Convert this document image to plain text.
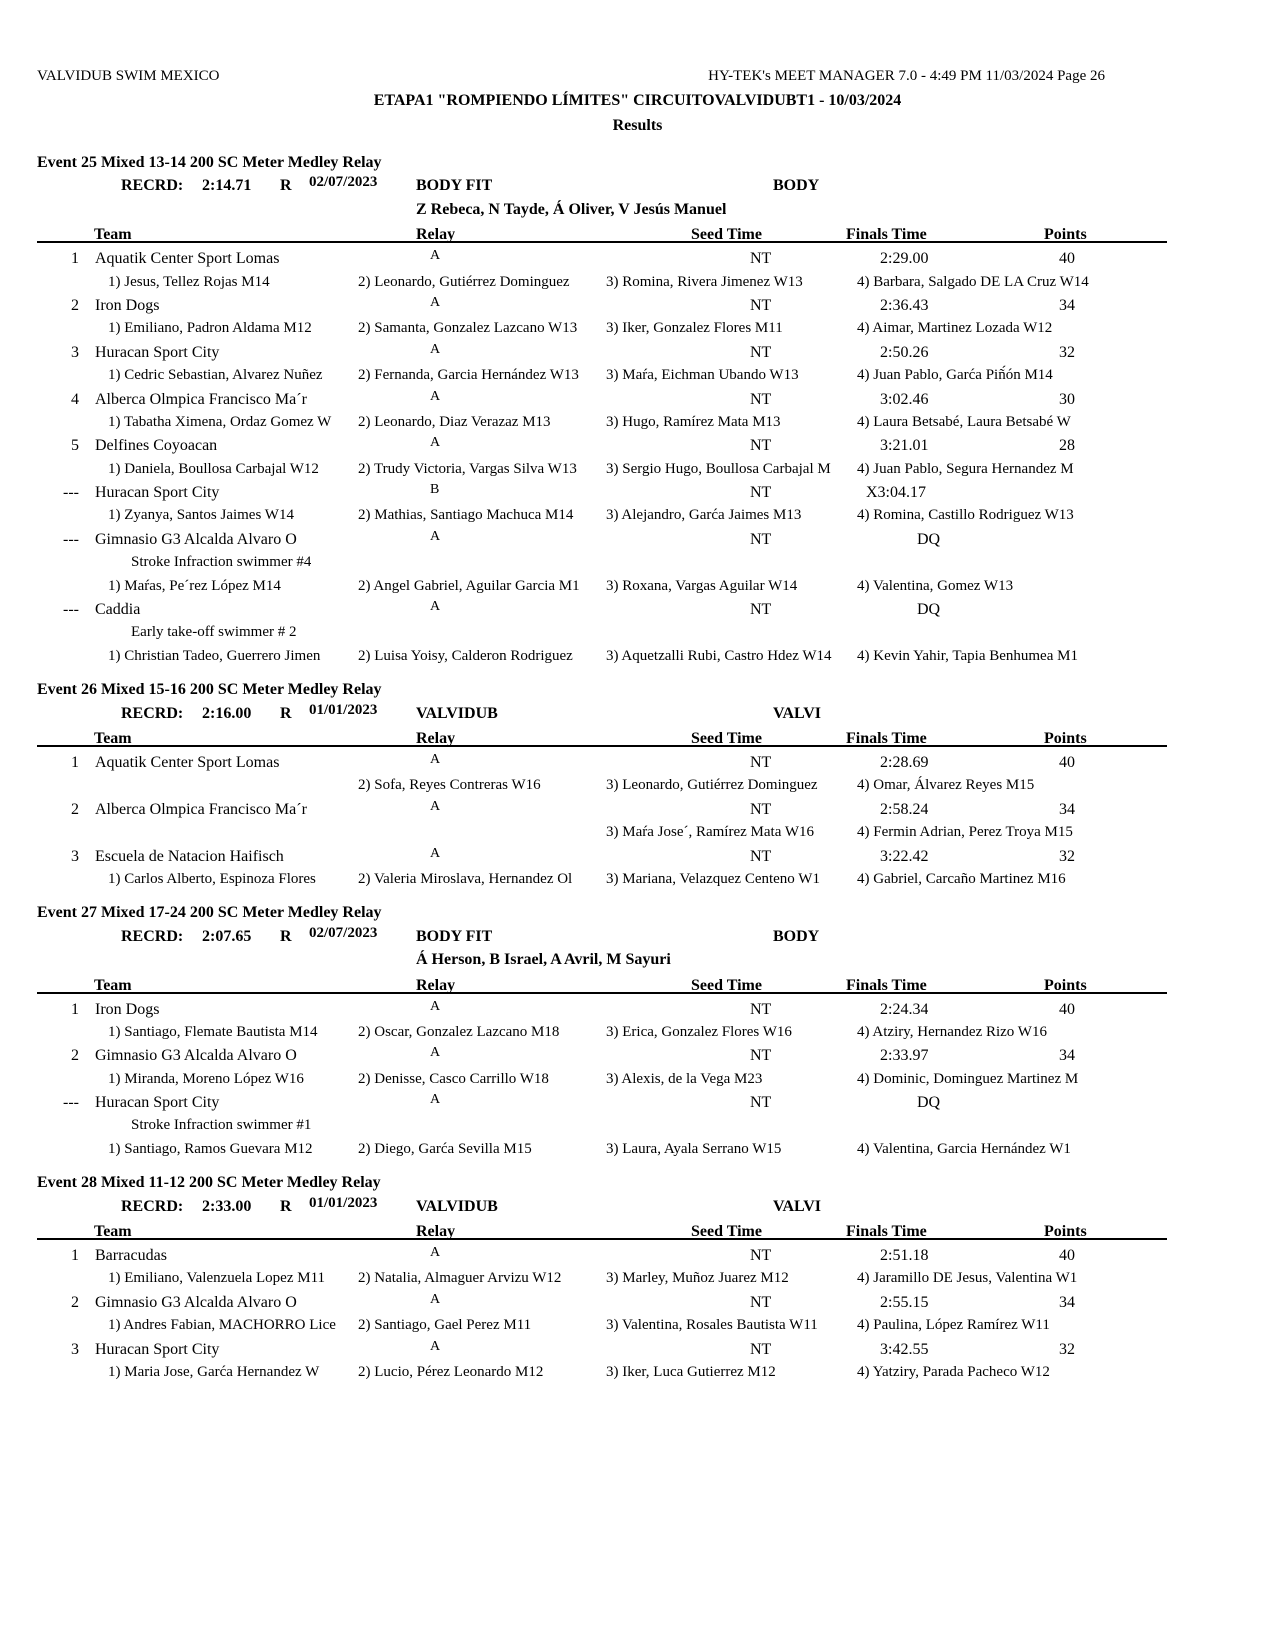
VALVIDUB SWIM MEXICO	HY-TEK's MEET MANAGER 7.0 - 4:49 PM 11/03/2024 Page 26
ETAPA1 "ROMPIENDO LÍMITES" CIRCUITOVALVIDUBT1 - 10/03/2024
Results
Event 25 Mixed 13-14 200 SC Meter Medley Relay
RECRD: 2:14.71 R 02/07/2023 BODY FIT	BODY
Z Rebeca, N Tayde, Á Oliver, V Jesús Manuel
Team	Relay	Seed Time	Finals Time	Points
1 Aquatik Center Sport Lomas	A	NT	2:29.00	40
1) Jesus, Tellez Rojas M14	2) Leonardo, Gutiérrez Dominguez	3) Romina, Rivera Jimenez W13	4) Barbara, Salgado DE LA Cruz W14
2 Iron Dogs	A	NT	2:36.43	34
1) Emiliano, Padron Aldama M12	2) Samanta, Gonzalez Lazcano W13	3) Iker, Gonzalez Flores M11	4) Aimar, Martinez Lozada W12
3 Huracan Sport City	A	NT	2:50.26	32
1) Cedric Sebastian, Alvarez Nuñez	2) Fernanda, Garcia Hernández W13	3) Maŕa, Eichman Ubando W13	4) Juan Pablo, Garća Piñ́ón M14
4 Alberca Olmpica Francisco Ma´r	A	NT	3:02.46	30
1) Tabatha Ximena, Ordaz Gomez W	2) Leonardo, Diaz Verazaz M13	3) Hugo, Ramírez Mata M13	4) Laura Betsabé, Laura Betsabé W
5 Delfines Coyoacan	A	NT	3:21.01	28
1) Daniela, Boullosa Carbajal W12	2) Trudy Victoria, Vargas Silva W13	3) Sergio Hugo, Boullosa Carbajal M	4) Juan Pablo, Segura Hernandez M
--- Huracan Sport City	B	NT	X3:04.17
1) Zyanya, Santos Jaimes W14	2) Mathias, Santiago Machuca M14	3) Alejandro, Garća Jaimes M13	4) Romina, Castillo Rodriguez W13
--- Gimnasio G3 Alcalda Alvaro O	A	NT	DQ
Stroke Infraction swimmer #4
1) Maŕas, Pe´rez López M14	2) Angel Gabriel, Aguilar Garcia M1	3) Roxana, Vargas Aguilar W14	4) Valentina, Gomez W13
--- Caddia	A	NT	DQ
Early take-off swimmer # 2
1) Christian Tadeo, Guerrero Jimen	2) Luisa Yoisy, Calderon Rodriguez	3) Aquetzalli Rubi, Castro Hdez W14	4) Kevin Yahir, Tapia Benhumea M1
Event 26 Mixed 15-16 200 SC Meter Medley Relay
RECRD: 2:16.00 R 01/01/2023 VALVIDUB	VALVI
Team	Relay	Seed Time	Finals Time	Points
1 Aquatik Center Sport Lomas	A	NT	2:28.69	40
2) Sofa, Reyes Contreras W16	3) Leonardo, Gutiérrez Dominguez	4) Omar, Álvarez Reyes M15
2 Alberca Olmpica Francisco Ma´r	A	NT	2:58.24	34
3) Maŕa Jose´, Ramírez Mata W16	4) Fermin Adrian, Perez Troya M15
3 Escuela de Natacion Haifisch	A	NT	3:22.42	32
1) Carlos Alberto, Espinoza Flores	2) Valeria Miroslava, Hernandez Ol	3) Mariana, Velazquez Centeno W1	4) Gabriel, Carcaño Martinez M16
Event 27 Mixed 17-24 200 SC Meter Medley Relay
RECRD: 2:07.65 R 02/07/2023 BODY FIT	BODY
Á Herson, B Israel, A Avril, M Sayuri
Team	Relay	Seed Time	Finals Time	Points
1 Iron Dogs	A	NT	2:24.34	40
1) Santiago, Flemate Bautista M14	2) Oscar, Gonzalez Lazcano M18	3) Erica, Gonzalez Flores W16	4) Atziry, Hernandez Rizo W16
2 Gimnasio G3 Alcalda Alvaro O	A	NT	2:33.97	34
1) Miranda, Moreno López W16	2) Denisse, Casco Carrillo W18	3) Alexis, de la Vega M23	4) Dominic, Dominguez Martinez M
--- Huracan Sport City	A	NT	DQ
Stroke Infraction swimmer #1
1) Santiago, Ramos Guevara M12	2) Diego, Garća Sevilla M15	3) Laura, Ayala Serrano W15	4) Valentina, Garcia Hernández W1
Event 28 Mixed 11-12 200 SC Meter Medley Relay
RECRD: 2:33.00 R 01/01/2023 VALVIDUB	VALVI
Team	Relay	Seed Time	Finals Time	Points
1 Barracudas	A	NT	2:51.18	40
1) Emiliano, Valenzuela Lopez M11	2) Natalia, Almaguer Arvizu W12	3) Marley, Muñoz Juarez M12	4) Jaramillo DE Jesus, Valentina W1
2 Gimnasio G3 Alcalda Alvaro O	A	NT	2:55.15	34
1) Andres Fabian, MACHORRO Lice	2) Santiago, Gael Perez M11	3) Valentina, Rosales Bautista W11	4) Paulina, López Ramírez W11
3 Huracan Sport City	A	NT	3:42.55	32
1) Maria Jose, Garća Hernandez W	2) Lucio, Pérez Leonardo M12	3) Iker, Luca Gutierrez M12	4) Yatziry, Parada Pacheco W12
